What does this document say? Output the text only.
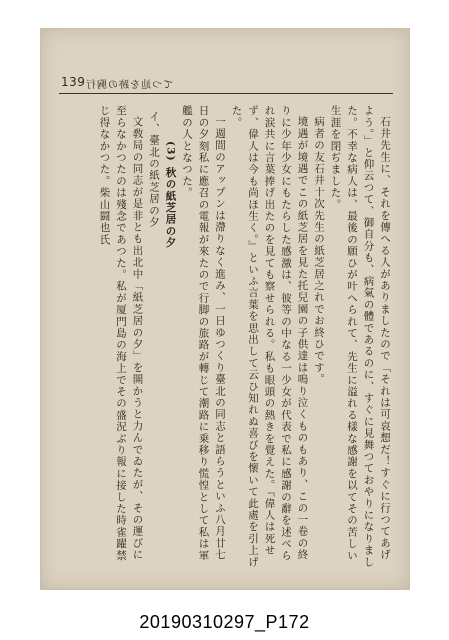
139 てつ辿を跡の胸行

石井先生に、それを傳へる人がありましたので「それは可哀想だ！すぐに行つてあげよう。」と仰云つて、御自分も、病氣の體であるのに、すぐに見舞つておやりになりました。不幸な病人は、最後の願ひが叶へられて、先生に溢れる樣な感謝を以てその苦しい生涯を閉ぢました。

病者の友石井十次先生の紙芝居之れでお終ひです。

境遇が境遇でこの紙芝居を見た托兒園の子供達は嗚り泣くものもあり、この一卷の終りに少年少女にもたらした感激は、彼等の中なる一少女が代表で私に感謝の辭を述べられ涙共に言葉捧げ出たのを見ても察せられる。私も眼頭の熱きを覺えた。『偉人は死せず、偉人は今も尚ほ生く。』といふ言葉を思出して云ひ知れぬ喜びを懷いて此處を引上げた。

一週間のアップンは滯りなく進み、一日ゆつくり臺北の同志と語らうといふ八月廿七日の夕刻私に應召の電報が來たので行脚の旅路が轉じて潮路に乗移り慌惶として私は軍艦の人となつた。

(3) 秋の紙芝居の夕

イ、臺北の紙芝居の夕

文敎局の同志が是非とも出北中「紙芝居の夕」を開かうと力んでゐたが、その運びに至らなかつたのは殘念であつた。私が厦門島の海上でその盛況ぶり報に接した時雀躍禁じ得なかつた。柴山闘也氏

20190310297_P172
